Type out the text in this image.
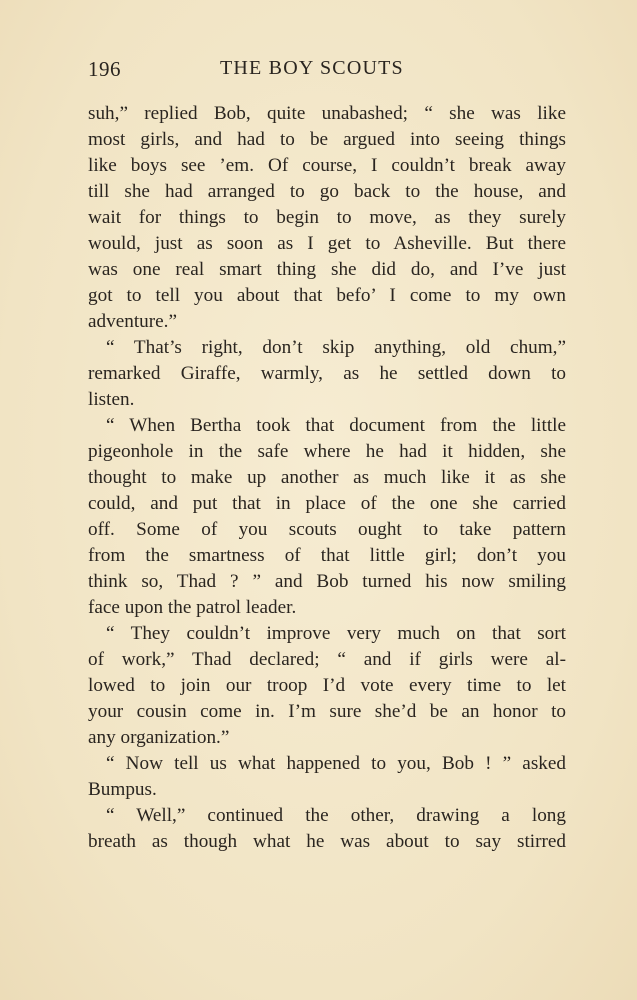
196	THE BOY SCOUTS
suh,” replied Bob, quite unabashed; “ she was like
most girls, and had to be argued into seeing things
like boys see ’em. Of course, I couldn’t break away
till she had arranged to go back to the house, and
wait for things to begin to move, as they surely
would, just as soon as I get to Asheville. But there
was one real smart thing she did do, and I’ve just
got to tell you about that befo’ I come to my own
adventure.”
“ That’s right, don’t skip anything, old chum,”
remarked Giraffe, warmly, as he settled down to
listen.
“ When Bertha took that document from the little
pigeonhole in the safe where he had it hidden, she
thought to make up another as much like it as she
could, and put that in place of the one she carried
off. Some of you scouts ought to take pattern
from the smartness of that little girl; don’t you
think so, Thad ? ” and Bob turned his now smiling
face upon the patrol leader.
“ They couldn’t improve very much on that sort
of work,” Thad declared; “ and if girls were al-
lowed to join our troop I’d vote every time to let
your cousin come in. I’m sure she’d be an honor to
any organization.”
“ Now tell us what happened to you, Bob ! ” asked
Bumpus.
“ Well,” continued the other, drawing a long
breath as though what he was about to say stirred
